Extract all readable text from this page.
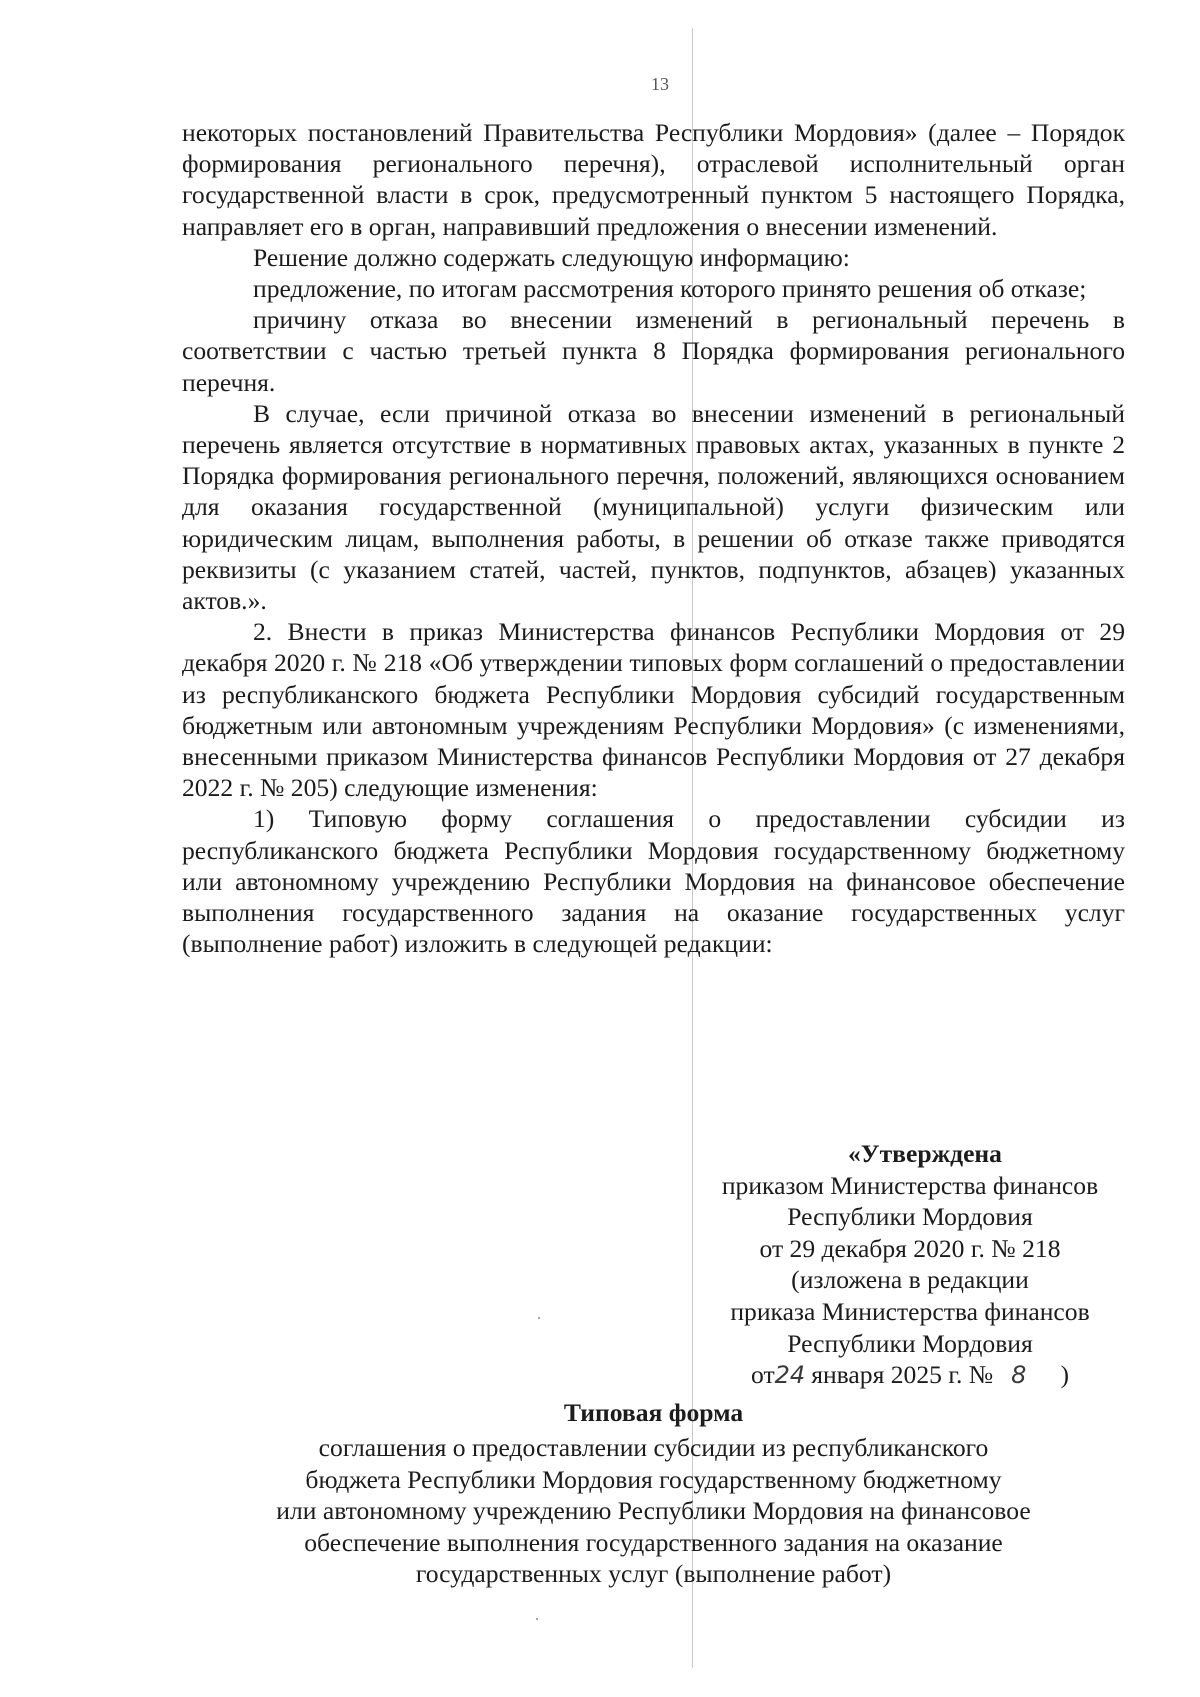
13

некоторых постановлений Правительства Республики Мордовия» (далее – Порядок формирования регионального перечня), отраслевой исполнительный орган государственной власти в срок, предусмотренный пунктом 5 настоящего Порядка, направляет его в орган, направивший предложения о внесении изменений.

Решение должно содержать следующую информацию:

предложение, по итогам рассмотрения которого принято решения об отказе;

причину отказа во внесении изменений в региональный перечень в соответствии с частью третьей пункта 8 Порядка формирования регионального перечня.

В случае, если причиной отказа во внесении изменений в региональный перечень является отсутствие в нормативных правовых актах, указанных в пункте 2 Порядка формирования регионального перечня, положений, являющихся основанием для оказания государственной (муниципальной) услуги физическим или юридическим лицам, выполнения работы, в решении об отказе также приводятся реквизиты (с указанием статей, частей, пунктов, подпунктов, абзацев) указанных актов.».

2. Внести в приказ Министерства финансов Республики Мордовия от 29 декабря 2020 г. № 218 «Об утверждении типовых форм соглашений о предоставлении из республиканского бюджета Республики Мордовия субсидий государственным бюджетным или автономным учреждениям Республики Мордовия» (с изменениями, внесенными приказом Министерства финансов Республики Мордовия от 27 декабря 2022 г. № 205) следующие изменения:

1) Типовую форму соглашения о предоставлении субсидии из республиканского бюджета Республики Мордовия государственному бюджетному или автономному учреждению Республики Мордовия на финансовое обеспечение выполнения государственного задания на оказание государственных услуг (выполнение работ) изложить в следующей редакции:

«Утверждена
приказом Министерства финансов
Республики Мордовия
от 29 декабря 2020 г. № 218
(изложена в редакции
приказа Министерства финансов
Республики Мордовия
от24 января 2025 г. № 8 )
Типовая форма
соглашения о предоставлении субсидии из республиканского
бюджета Республики Мордовия государственному бюджетному
или автономному учреждению Республики Мордовия на финансовое
обеспечение выполнения государственного задания на оказание
государственных услуг (выполнение работ)
